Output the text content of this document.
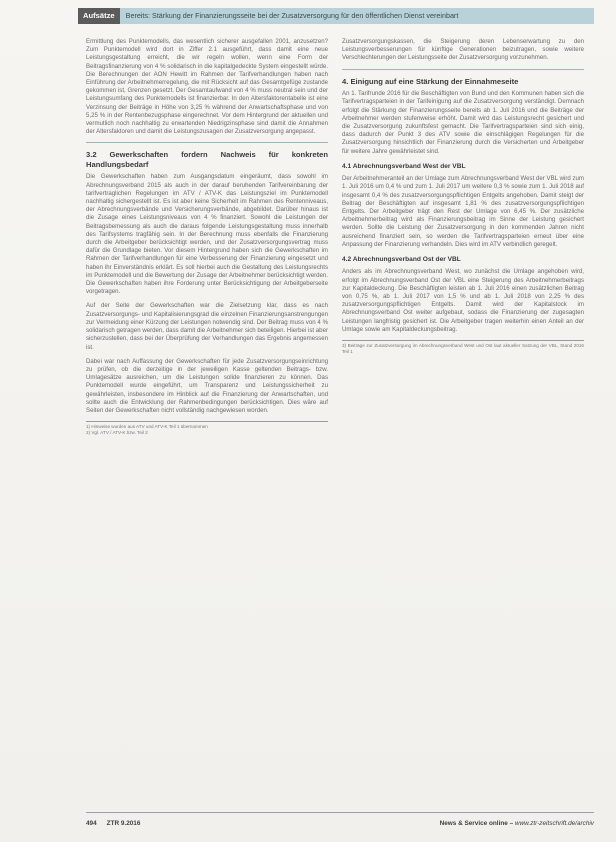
Aufsätze	Bereits: Stärkung der Finanzierungsseite bei der Zusatzversorgung für den öffentlichen Dienst vereinbart

Ermittlung des Punktemodells, das wesentlich sicherer ausgefallen 2001, anzusetzen? Zum Punktemodell wird dort in Ziffer 2.1 ausgeführt, dass damit eine neue Leistungsgestaltung erreicht, die wir regeln wollen, wenn eine Form der Beitragsfinanzierung von 4 % solidarisch in die kapitalgedeckte System eingestellt würde. Die Berechnungen der AON Hewitt im Rahmen der Tarifverhandlungen haben nach Einführung der Arbeitnehmerregelung, die mit Rücksicht auf das Gesamtgefüge zustande gekommen ist, Grenzen gesetzt. Der Gesamtaufwand von 4 % muss neutral sein und der Leistungsumfang des Punktemodells ist finanzierbar. In den Altersfaktorentabelle ist eine Verzinsung der Beiträge in Höhe von 3,25 % während der Anwartschaftsphase und von 5,25 % in der Rentenbezugsphase eingerechnet. Vor dem Hintergrund der aktuellen und vermutlich noch nachhaltig zu erwartenden Niedrigzinsphase sind damit die Annahmen der Altersfaktoren und damit die Leistungszusagen der Zusatzversorgung angepasst.

3.2 Gewerkschaften fordern Nachweis für konkreten Handlungsbedarf

Die Gewerkschaften haben zum Ausgangsdatum eingeräumt, dass sowohl im Abrechnungsverband 2015 als auch in der darauf beruhenden Tarifvereinbarung der tarifvertraglichen Regelungen im ATV / ATV-K das Leistungsziel im Punktemodell nachhaltig sichergestellt ist. Es ist aber keine Sicherheit im Rahmen des Rentenniveaus, der Abrechnungsverbände und Versicherungsverbände, abgebildet. Darüber hinaus ist die Zusage eines Leistungsniveaus von 4 % finanziert. Sowohl die Leistungen der Beitragsbemessung als auch die daraus folgende Leistungsgestaltung muss innerhalb des Tarifsystems tragfähig sein. In der Berechnung muss ebenfalls die Finanzierung durch die Arbeitgeber berücksichtigt werden, und der Zusatzversorgungsvertrag muss dafür die Grundlage bieten. Vor diesem Hintergrund haben sich die Gewerkschaften im Rahmen der Tarifverhandlungen für eine Verbesserung der Finanzierung eingesetzt und haben ihr Einverständnis erklärt. Es soll hierbei auch die Gestaltung des Leistungsrechts im Punktemodell und die Bewertung der Zusage der Arbeitnehmer berücksichtigt werden. Die Gewerkschaften haben ihre Forderung unter Berücksichtigung der Arbeitgeberseite vorgetragen.

Auf der Seite der Gewerkschaften war die Zielsetzung klar, dass es nach Zusatzversorgungs- und Kapitalisierungsgrad die einzelnen Finanzierungsanstrengungen zur Vermeidung einer Kürzung der Leistungen notwendig sind. Der Beitrag muss von 4 % solidarisch getragen werden, dass damit die Arbeitnehmer sich beteiligen. Hierbei ist aber sicherzustellen, dass bei der Überprüfung der Verhandlungen das Ergebnis angemessen ist.

Dabei war nach Auffassung der Gewerkschaften für jede Zusatzversorgungseinrichtung zu prüfen, ob die derzeitige in der jeweiligen Kasse geltenden Beitrags- bzw. Umlagesätze ausreichen, um die Leistungen solide finanzieren zu können. Das Punktemodell wurde eingeführt, um Transparenz und Leistungssicherheit zu gewährleisten, insbesondere im Hinblick auf die Finanzierung der Anwartschaften, und sollte auch die Entwicklung der Rahmenbedingungen berücksichtigen. Dies wäre auf Seiten der Gewerkschaften nicht vollständig nachgewiesen worden.

1) Hinweise wurden aus ATV und ATV-K Teil 1 übernommen
2) Vgl. ATV / ATV-K bzw. Teil 2

Zusatzversorgungskassen, die Steigerung deren Lebenserwartung zu den Leistungsverbesserungen für künftige Generationen beizutragen, sowie weitere Verschlechterungen der Leistungsseite der Zusatzversorgung vorzunehmen.

4. Einigung auf eine Stärkung der Einnahmeseite

An 1. Tarifrunde 2016 für die Beschäftigten von Bund und den Kommunen haben sich die Tarifvertragsparteien in der Tarifeinigung auf die Zusatzversorgung verständigt. Demnach erfolgt die Stärkung der Finanzierungsseite bereits ab 1. Juli 2016 und die Beiträge der Arbeitnehmer werden stufenweise erhöht. Damit wird das Leistungsrecht gesichert und die Zusatzversorgung zukunftsfest gemacht. Die Tarifvertragsparteien sind sich einig, dass dadurch der Punkt 3 des ATV sowie die einschlägigen Regelungen für die Zusatzversorgung hinsichtlich der Finanzierung durch die Versicherten und Arbeitgeber für weitere Jahre gewährleistet sind.

4.1 Abrechnungsverband West der VBL

Der Arbeitnehmeranteil an der Umlage zum Abrechnungsverband West der VBL wird zum 1. Juli 2016 um 0,4 % und zum 1. Juli 2017 um weitere 0,3 % sowie zum 1. Juli 2018 auf insgesamt 0,4 % des zusatzversorgungspflichtigen Entgelts angehoben. Damit steigt der Beitrag der Beschäftigten auf insgesamt 1,81 % des zusatzversorgungspflichtigen Entgelts. Der Arbeitgeber trägt den Rest der Umlage von 6,45 %. Der zusätzliche Arbeitnehmerbeitrag wird als Finanzierungsbeitrag im Sinne der Leistung gesichert werden. Sollte die Leistung der Zusatzversorgung in den kommenden Jahren nicht ausreichend finanziert sein, so werden die Tarifvertragsparteien erneut über eine Anpassung der Finanzierung verhandeln. Dies wird im ATV verbindlich geregelt.

4.2 Abrechnungsverband Ost der VBL

Anders als im Abrechnungsverband West, wo zunächst die Umlage angehoben wird, erfolgt im Abrechnungsverband Ost der VBL eine Steigerung des Arbeitnehmerbeitrags zur Kapitaldeckung. Die Beschäftigten leisten ab 1. Juli 2016 einen zusätzlichen Beitrag von 0,75 %, ab 1. Juli 2017 von 1,5 % und ab 1. Juli 2018 von 2,25 % des zusatzversorgungspflichtigen Entgelts. Damit wird der Kapitalstock im Abrechnungsverband Ost weiter aufgebaut, sodass die Finanzierung der zugesagten Leistungen langfristig gesichert ist. Die Arbeitgeber tragen weiterhin einen Anteil an der Umlage sowie am Kapitaldeckungsbeitrag.

3) Beiträge zur Zusatzversorgung im Abrechnungsverband West und Ost laut aktueller Satzung der VBL, Stand 2016 Teil 1
494 ZTR 9.2016	News & Service online – www.ztr-zeitschrift.de/archiv
